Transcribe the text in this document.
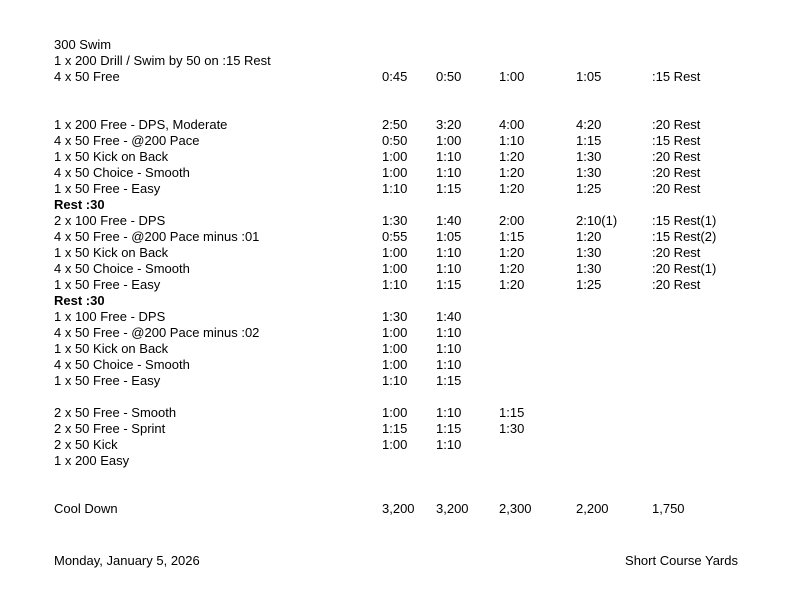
300 Swim
1 x 200 Drill / Swim by 50 on :15 Rest
4 x 50 Free	0:45 0:50	1:00	1:05	:15 Rest
1 x 200 Free - DPS, Moderate	2:50 3:20	4:00	4:20	:20 Rest
4 x 50 Free - @200 Pace	0:50 1:00	1:10	1:15	:15 Rest
1 x 50 Kick on Back	1:00 1:10	1:20	1:30	:20 Rest
4 x 50 Choice - Smooth	1:00 1:10	1:20	1:30	:20 Rest
1 x 50 Free - Easy	1:10 1:15	1:20	1:25	:20 Rest
Rest :30
2 x 100 Free - DPS	1:30 1:40	2:00	2:10(1)	:15 Rest(1)
4 x 50 Free - @200 Pace minus :01	0:55 1:05	1:15	1:20	:15 Rest(2)
1 x 50 Kick on Back	1:00 1:10	1:20	1:30	:20 Rest
4 x 50 Choice - Smooth	1:00 1:10	1:20	1:30	:20 Rest(1)
1 x 50 Free - Easy	1:10 1:15	1:20	1:25	:20 Rest
Rest :30
1 x 100 Free - DPS	1:30 1:40
4 x 50 Free - @200 Pace minus :02	1:00 1:10
1 x 50 Kick on Back	1:00 1:10
4 x 50 Choice - Smooth	1:00 1:10
1 x 50 Free - Easy	1:10 1:15
2 x 50 Free - Smooth	1:00 1:10	1:15
2 x 50 Free - Sprint	1:15 1:15	1:30
2 x 50 Kick	1:00 1:10
1 x 200 Easy
Cool Down	3,200 3,200 2,300	2,200	1,750
Monday, January 5, 2026	Short Course Yards
